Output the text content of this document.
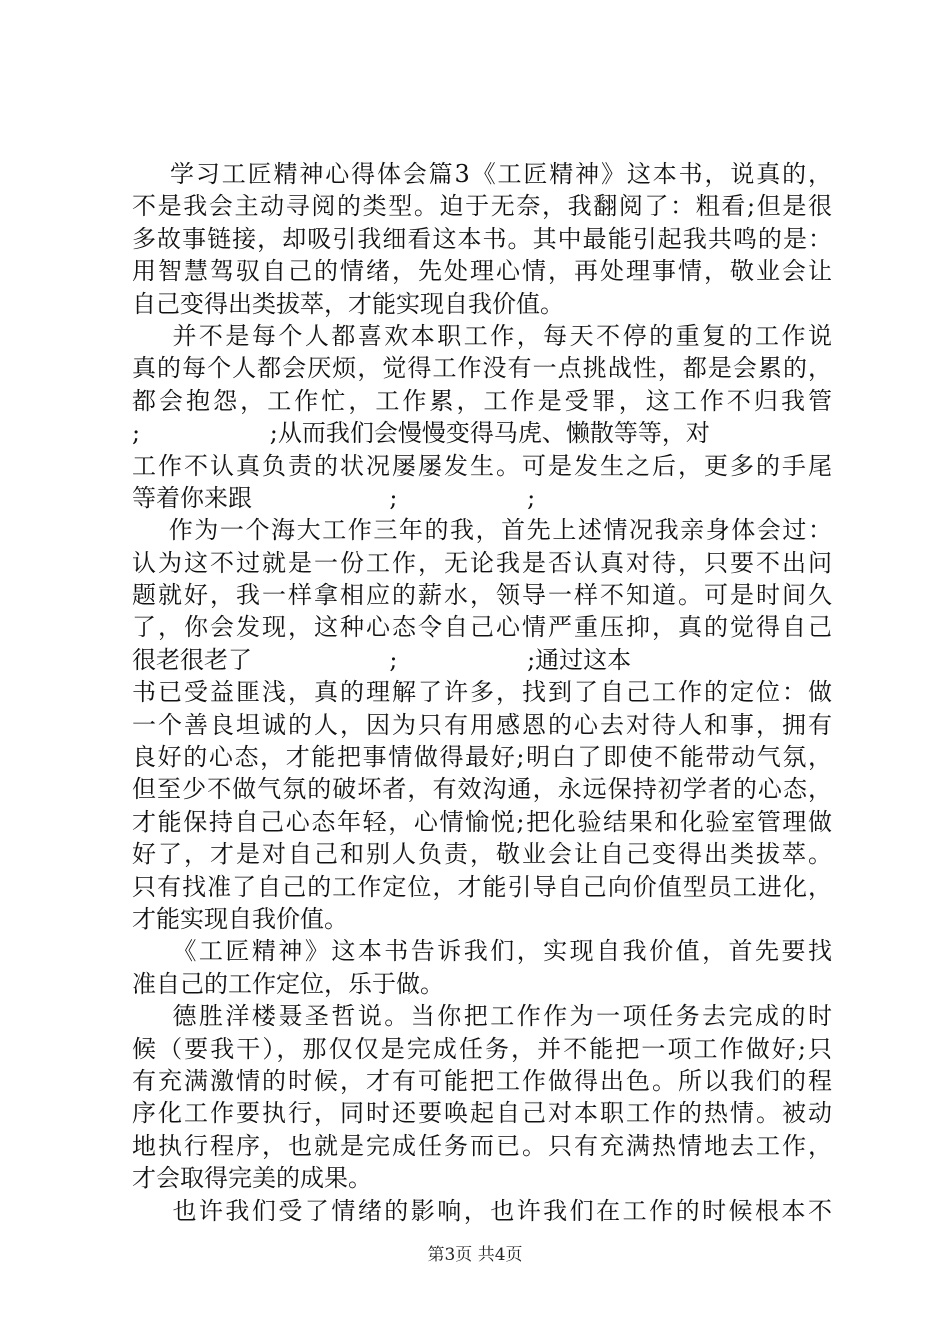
学习工匠精神心得体会篇3《工匠精神》这本书，说真的，
不是我会主动寻阅的类型。迫于无奈，我翻阅了：粗看;但是很
多故事链接，却吸引我细看这本书。其中最能引起我共鸣的是：
用智慧驾驭自己的情绪，先处理心情，再处理事情，敬业会让
自己变得出类拔萃，才能实现自我价值。
并不是每个人都喜欢本职工作，每天不停的重复的工作说
真的每个人都会厌烦，觉得工作没有一点挑战性，都是会累的，
都会抱怨，工作忙，工作累，工作是受罪，这工作不归我管
;                 ;从而我们会慢慢变得马虎、懒散等等，对
工作不认真负责的状况屡屡发生。可是发生之后，更多的手尾
等着你来跟                  ;                 ;
作为一个海大工作三年的我，首先上述情况我亲身体会过：
认为这不过就是一份工作，无论我是否认真对待，只要不出问
题就好，我一样拿相应的薪水，领导一样不知道。可是时间久
了，你会发现，这种心态令自己心情严重压抑，真的觉得自己
很老很老了                  ;                 ;通过这本
书已受益匪浅，真的理解了许多，找到了自己工作的定位：做
一个善良坦诚的人，因为只有用感恩的心去对待人和事，拥有
良好的心态，才能把事情做得最好;明白了即使不能带动气氛，
但至少不做气氛的破坏者，有效沟通，永远保持初学者的心态，
才能保持自己心态年轻，心情愉悦;把化验结果和化验室管理做
好了，才是对自己和别人负责，敬业会让自己变得出类拔萃。
只有找准了自己的工作定位，才能引导自己向价值型员工进化，
才能实现自我价值。
《工匠精神》这本书告诉我们，实现自我价值，首先要找
准自己的工作定位，乐于做。
德胜洋楼聂圣哲说。当你把工作作为一项任务去完成的时
候（要我干），那仅仅是完成任务，并不能把一项工作做好;只
有充满激情的时候，才有可能把工作做得出色。所以我们的程
序化工作要执行，同时还要唤起自己对本职工作的热情。被动
地执行程序，也就是完成任务而已。只有充满热情地去工作，
才会取得完美的成果。
也许我们受了情绪的影响，也许我们在工作的时候根本不
第3页 共4页
